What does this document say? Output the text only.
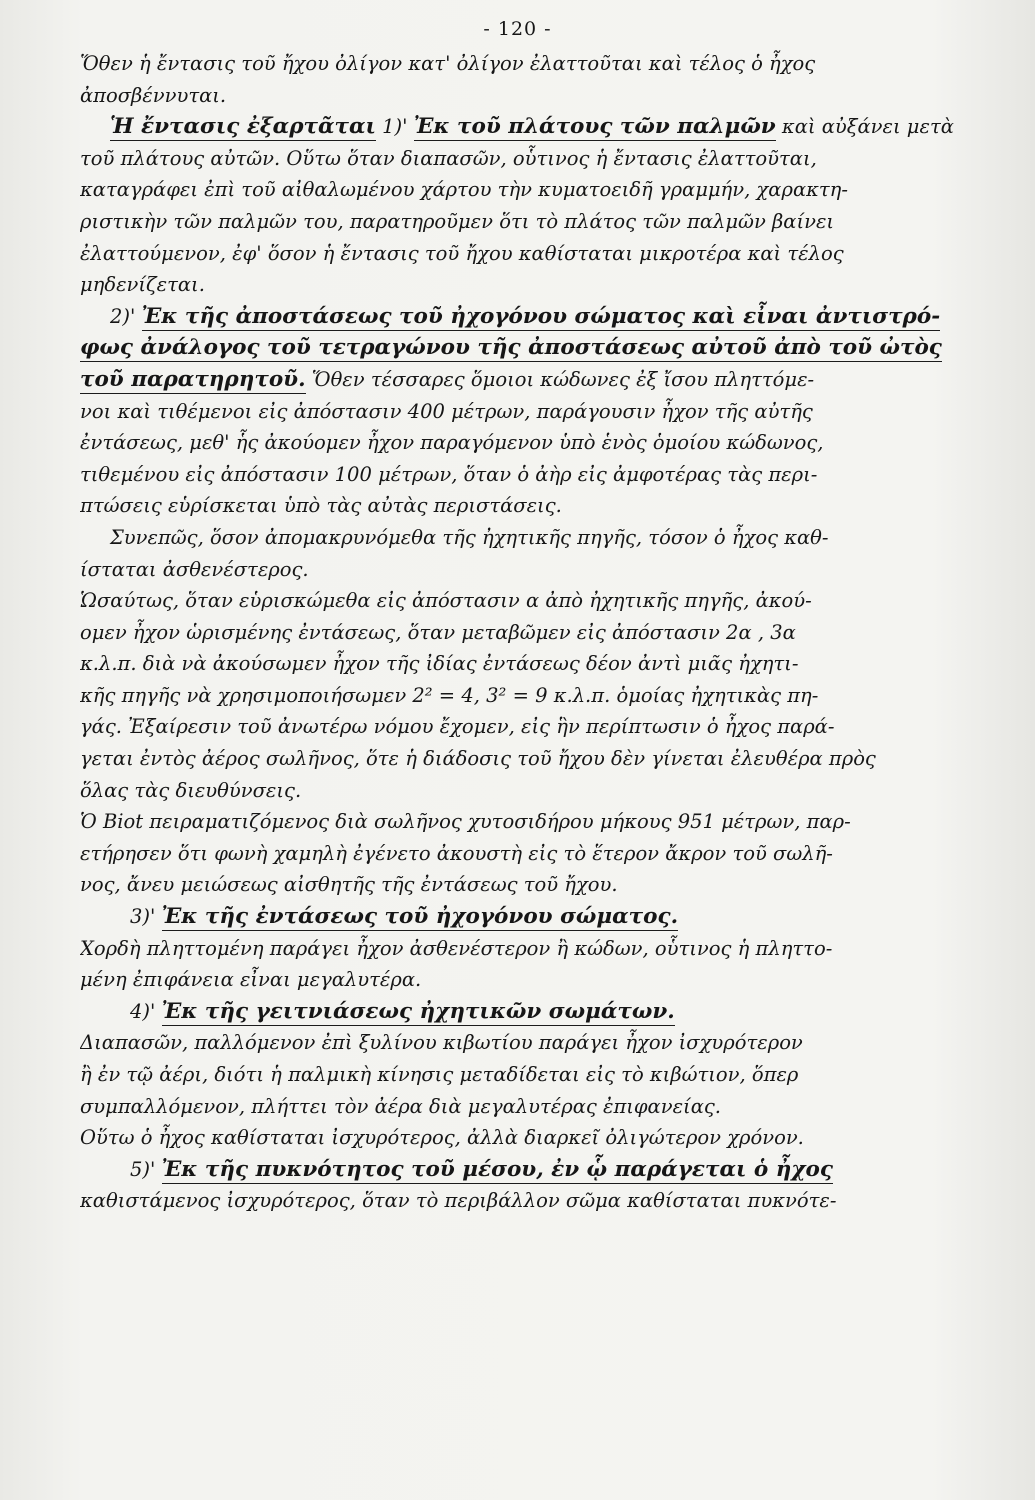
- 120 -
Ὅθεν ἡ ἔντασις τοῦ ἤχου ὀλίγον κατ' ὀλίγον ἐλαττοῦται καὶ τέλος ὁ ἦχος
ἀποσβέννυται.
Ἡ ἔντασις ἐξαρτᾶται 1)' Ἐκ τοῦ πλάτους τῶν παλμῶν καὶ αὐξάνει μετὰ
τοῦ πλάτους αὐτῶν. Οὕτω ὅταν διαπασῶν, οὗτινος ἡ ἔντασις ἐλαττοῦται,
καταγράφει ἐπὶ τοῦ αἰθαλωμένου χάρτου τὴν κυματοειδῆ γραμμήν, χαρακτη-
ριστικὴν τῶν παλμῶν του, παρατηροῦμεν ὅτι τὸ πλάτος τῶν παλμῶν βαίνει
ἐλαττούμενον, ἐφ' ὅσον ἡ ἔντασις τοῦ ἤχου καθίσταται μικροτέρα καὶ τέλος
μηδενίζεται.
2)' Ἐκ τῆς ἀποστάσεως τοῦ ἠχογόνου σώματος καὶ εἶναι ἀντιστρό-
φως ἀνάλογος τοῦ τετραγώνου τῆς ἀποστάσεως αὐτοῦ ἀπὸ τοῦ ὠτὸς
τοῦ παρατηρητοῦ. Ὅθεν τέσσαρες ὅμοιοι κώδωνες ἐξ ἴσου πληττόμε-
νοι καὶ τιθέμενοι εἰς ἀπόστασιν 400 μέτρων, παράγουσιν ἦχον τῆς αὐτῆς
ἐντάσεως, μεθ' ἧς ἀκούομεν ἦχον παραγόμενον ὑπὸ ἑνὸς ὁμοίου κώδωνος,
τιθεμένου εἰς ἀπόστασιν 100 μέτρων, ὅταν ὁ ἀὴρ εἰς ἀμφοτέρας τὰς περι-
πτώσεις εὑρίσκεται ὑπὸ τὰς αὐτὰς περιστάσεις.
Συνεπῶς, ὅσον ἀπομακρυνόμεθα τῆς ἠχητικῆς πηγῆς, τόσον ὁ ἦχος καθ-
ίσταται ἀσθενέστερος.
Ὡσαύτως, ὅταν εὑρισκώμεθα εἰς ἀπόστασιν α ἀπὸ ἠχητικῆς πηγῆς, ἀκού-
ομεν ἦχον ὡρισμένης ἐντάσεως, ὅταν μεταβῶμεν εἰς ἀπόστασιν 2α , 3α
κ.λ.π. διὰ νὰ ἀκούσωμεν ἦχον τῆς ἰδίας ἐντάσεως δέον ἀντὶ μιᾶς ἠχητι-
κῆς πηγῆς νὰ χρησιμοποιήσωμεν 2² = 4, 3² = 9 κ.λ.π. ὁμοίας ἠχητικὰς πη-
γάς. Ἐξαίρεσιν τοῦ ἀνωτέρω νόμου ἔχομεν, εἰς ἣν περίπτωσιν ὁ ἦχος παρά-
γεται ἐντὸς ἀέρος σωλῆνος, ὅτε ἡ διάδοσις τοῦ ἤχου δὲν γίνεται ἐλευθέρα πρὸς
ὅλας τὰς διευθύνσεις.
Ὁ Biot πειραματιζόμενος διὰ σωλῆνος χυτοσιδήρου μήκους 951 μέτρων, παρ-
ετήρησεν ὅτι φωνὴ χαμηλὴ ἐγένετο ἀκουστὴ εἰς τὸ ἕτερον ἄκρον τοῦ σωλῆ-
νος, ἄνευ μειώσεως αἰσθητῆς τῆς ἐντάσεως τοῦ ἤχου.
3)' Ἐκ τῆς ἐντάσεως τοῦ ἠχογόνου σώματος.
Χορδὴ πληττομένη παράγει ἦχον ἀσθενέστερον ἢ κώδων, οὗτινος ἡ πληττο-
μένη ἐπιφάνεια εἶναι μεγαλυτέρα.
4)' Ἐκ τῆς γειτνιάσεως ἠχητικῶν σωμάτων.
Διαπασῶν, παλλόμενον ἐπὶ ξυλίνου κιβωτίου παράγει ἦχον ἰσχυρότερον
ἢ ἐν τῷ ἀέρι, διότι ἡ παλμικὴ κίνησις μεταδίδεται εἰς τὸ κιβώτιον, ὅπερ
συμπαλλόμενον, πλήττει τὸν ἀέρα διὰ μεγαλυτέρας ἐπιφανείας.
Οὕτω ὁ ἦχος καθίσταται ἰσχυρότερος, ἀλλὰ διαρκεῖ ὀλιγώτερον χρόνον.
5)' Ἐκ τῆς πυκνότητος τοῦ μέσου, ἐν ᾧ παράγεται ὁ ἦχος
καθιστάμενος ἰσχυρότερος, ὅταν τὸ περιβάλλον σῶμα καθίσταται πυκνότε-
